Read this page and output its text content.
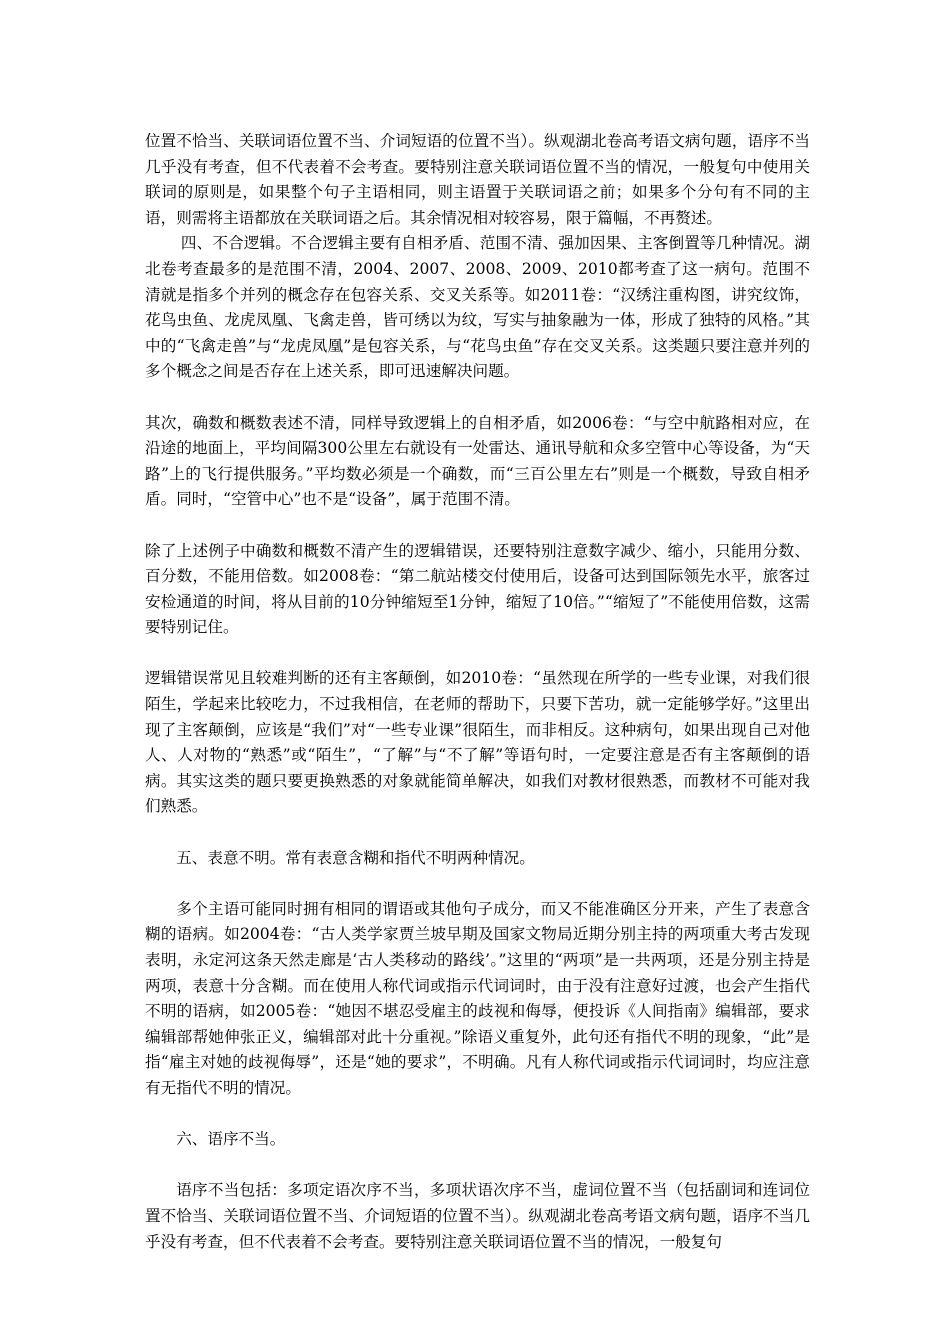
位置不恰当、关联词语位置不当、介词短语的位置不当）。纵观湖北卷高考语文病句题，语序不当几乎没有考查，但不代表着不会考查。要特别注意关联词语位置不当的情况，一般复句中使用关联词的原则是，如果整个句子主语相同，则主语置于关联词语之前；如果多个分句有不同的主语，则需将主语都放在关联词语之后。其余情况相对较容易，限于篇幅，不再赘述。

四、不合逻辑。不合逻辑主要有自相矛盾、范围不清、强加因果、主客倒置等几种情况。湖北卷考查最多的是范围不清，2004、2007、2008、2009、2010都考查了这一病句。范围不清就是指多个并列的概念存在包容关系、交叉关系等。如2011卷：“汉绣注重构图，讲究纹饰，花鸟虫鱼、龙虎凤凰、飞禽走兽，皆可绣以为纹，写实与抽象融为一体，形成了独特的风格。”其中的“飞禽走兽”与“龙虎凤凰”是包容关系，与“花鸟虫鱼”存在交叉关系。这类题只要注意并列的多个概念之间是否存在上述关系，即可迅速解决问题。

其次，确数和概数表述不清，同样导致逻辑上的自相矛盾，如2006卷：“与空中航路相对应，在沿途的地面上，平均间隔300公里左右就设有一处雷达、通讯导航和众多空管中心等设备，为“天路”上的飞行提供服务。”平均数必须是一个确数，而“三百公里左右”则是一个概数，导致自相矛盾。同时，“空管中心”也不是“设备”，属于范围不清。

除了上述例子中确数和概数不清产生的逻辑错误，还要特别注意数字减少、缩小，只能用分数、百分数，不能用倍数。如2008卷：“第二航站楼交付使用后，设备可达到国际领先水平，旅客过安检通道的时间，将从目前的10分钟缩短至1分钟，缩短了10倍。”“缩短了”不能使用倍数，这需要特别记住。

逻辑错误常见且较难判断的还有主客颠倒，如2010卷：“虽然现在所学的一些专业课，对我们很陌生，学起来比较吃力，不过我相信，在老师的帮助下，只要下苦功，就一定能够学好。”这里出现了主客颠倒，应该是“我们”对“一些专业课”很陌生，而非相反。这种病句，如果出现自己对他人、人对物的“熟悉”或“陌生”，“了解”与“不了解”等语句时，一定要注意是否有主客颠倒的语病。其实这类的题只要更换熟悉的对象就能简单解决，如我们对教材很熟悉，而教材不可能对我们熟悉。

五、表意不明。常有表意含糊和指代不明两种情况。

多个主语可能同时拥有相同的谓语或其他句子成分，而又不能准确区分开来，产生了表意含糊的语病。如2004卷：“古人类学家贾兰坡早期及国家文物局近期分别主持的两项重大考古发现表明，永定河这条天然走廊是‘古人类移动的路线’。”这里的“两项”是一共两项，还是分别主持是两项，表意十分含糊。而在使用人称代词或指示代词词时，由于没有注意好过渡，也会产生指代不明的语病，如2005卷：“她因不堪忍受雇主的歧视和侮辱，便投诉《人间指南》编辑部，要求编辑部帮她伸张正义，编辑部对此十分重视。”除语义重复外，此句还有指代不明的现象，“此”是指“雇主对她的歧视侮辱”，还是“她的要求”，不明确。凡有人称代词或指示代词词时，均应注意有无指代不明的情况。

六、语序不当。

语序不当包括：多项定语次序不当，多项状语次序不当，虚词位置不当（包括副词和连词位置不恰当、关联词语位置不当、介词短语的位置不当）。纵观湖北卷高考语文病句题，语序不当几乎没有考查，但不代表着不会考查。要特别注意关联词语位置不当的情况，一般复句
